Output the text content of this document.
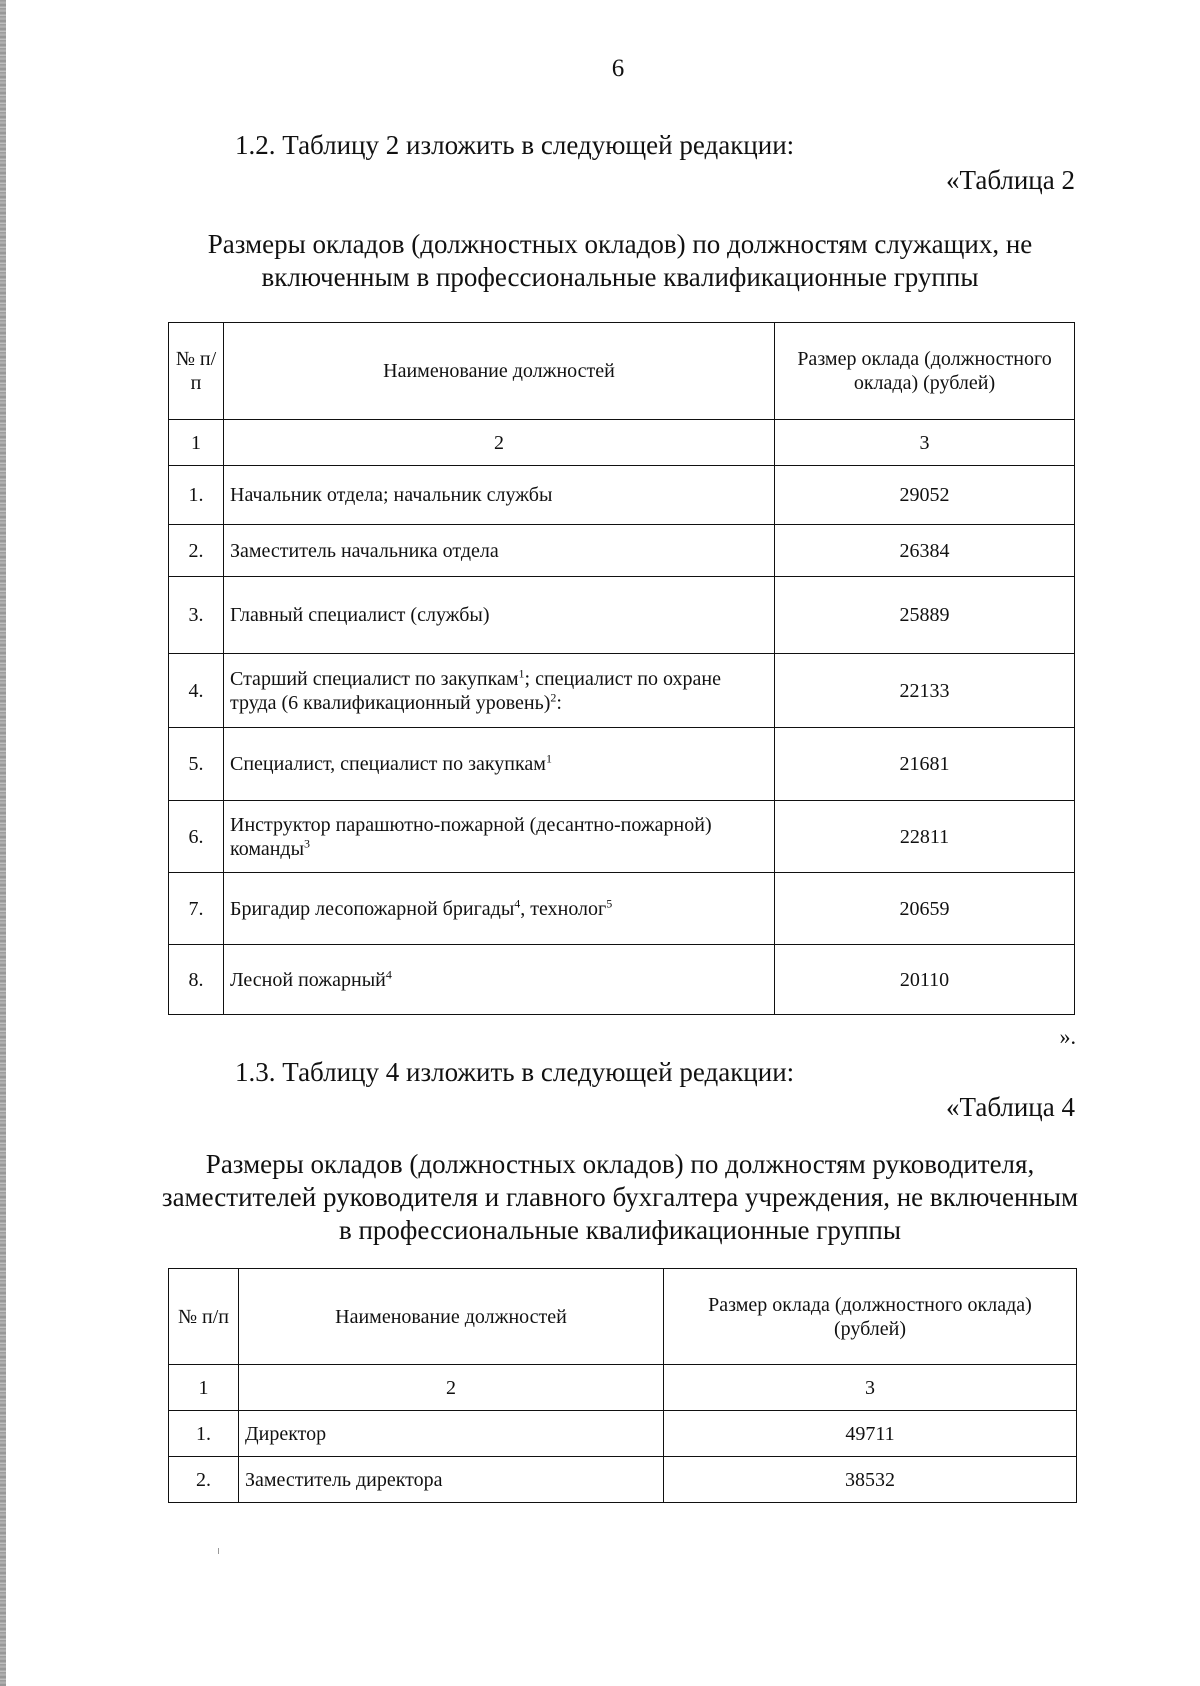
6
1.2. Таблицу 2 изложить в следующей редакции:
«Таблица 2
Размеры окладов (должностных окладов) по должностям служащих, не включенным в профессиональные квалификационные группы
№ п/п	Наименование должностей	Размер оклада (должностного оклада) (рублей)
1	2	3
1.	Начальник отдела; начальник службы	29052
2.	Заместитель начальника отдела	26384
3.	Главный специалист (службы)	25889
4.	Старший специалист по закупкам$^1$; специалист по охране труда (6 квалификационный уровень)$^2$:	22133
5.	Специалист, специалист по закупкам$^1$	21681
6.	Инструктор парашютно-пожарной (десантно-пожарной) команды$^3$	22811
7.	Бригадир лесопожарной бригады$^4$, технолог$^5$	20659
8.	Лесной пожарный$^4$	20110
».
1.3. Таблицу 4 изложить в следующей редакции:
«Таблица 4
Размеры окладов (должностных окладов) по должностям руководителя, заместителей руководителя и главного бухгалтера учреждения, не включенным в профессиональные квалификационные группы
№ п/п	Наименование должностей	Размер оклада (должностного оклада) (рублей)
1	2	3
1.	Директор	49711
2.	Заместитель директора	38532
